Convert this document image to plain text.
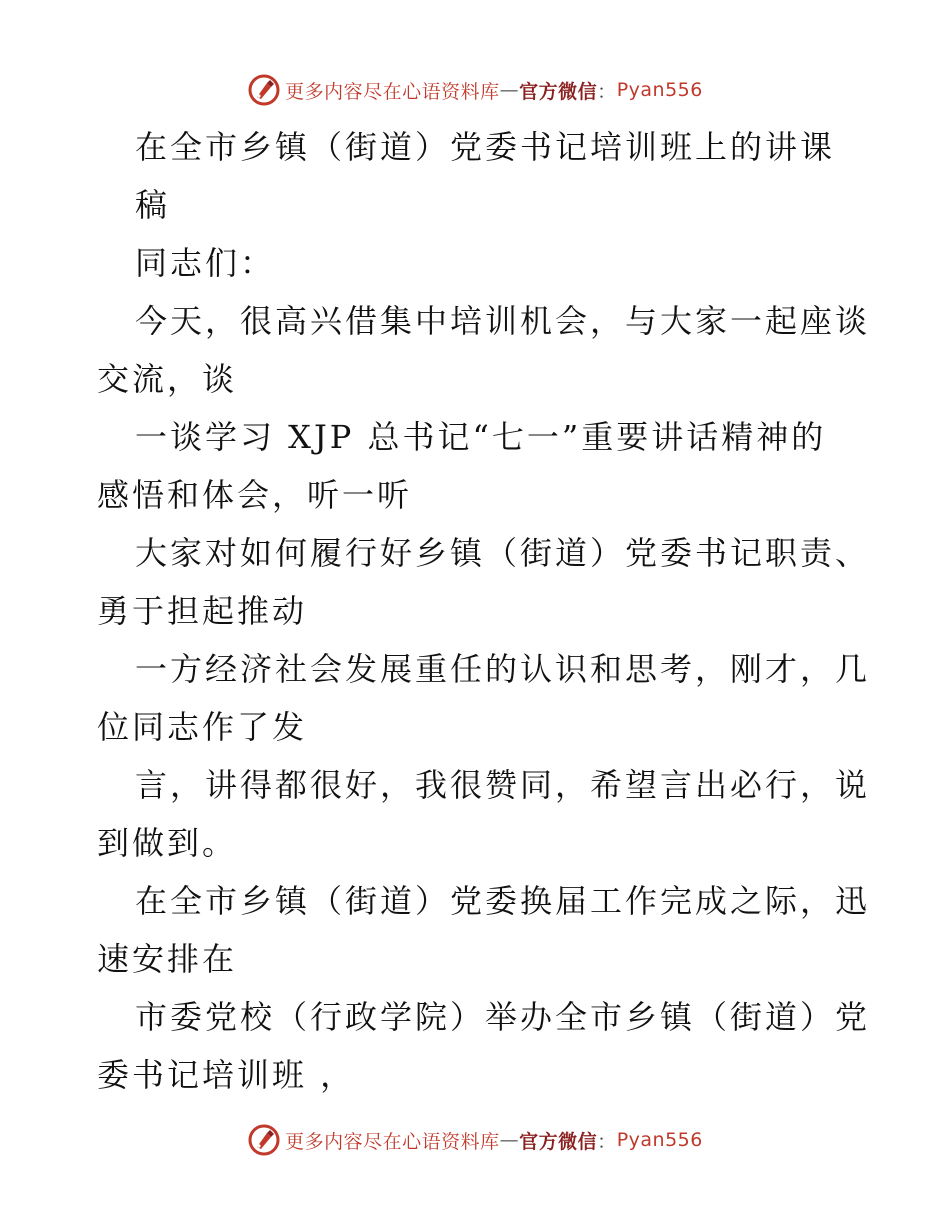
更多内容尽在心语资料库 — 官方微信 ： Pyan556
在全市乡镇（街道）党委书记培训班上的讲课
稿
同志们：
今天，很高兴借集中培训机会，与大家一起座谈
交流，谈
一谈学习 XJP 总书记“七一”重要讲话精神的
感悟和体会，听一听
大家对如何履行好乡镇（街道）党委书记职责、
勇于担起推动
一方经济社会发展重任的认识和思考，刚才，几
位同志作了发
言，讲得都很好，我很赞同，希望言出必行，说
到做到。
在全市乡镇（街道）党委换届工作完成之际，迅
速安排在
市委党校（行政学院）举办全市乡镇（街道）党
委书记培训班 ，
更多内容尽在心语资料库 — 官方微信 ： Pyan556
